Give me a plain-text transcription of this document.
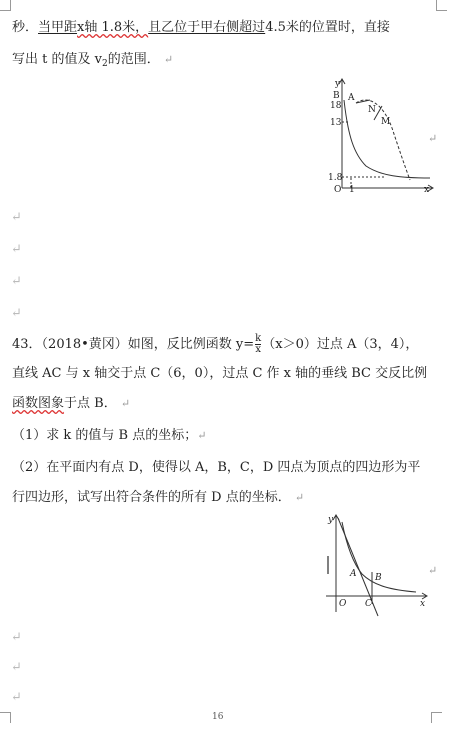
秒．当甲距x轴 1.8米，且乙位于甲右侧超过4.5米的位置时，直接
写出 t 的值及 $v_2$的范围． ↵
y
B A
N
M
18
13
1.8
O 1	x
↵
↵
↵
↵
↵
43．（2018•黄冈）如图，反比例函数 $y= \frac{k}{x} (x>0)$过点 A（3，4），
直线 AC 与 x 轴交于点 C（6，0），过点 C 作 x 轴的垂线 BC 交反比例
函数图象于点 B． ↵
（1）求 k 的值与 B 点的坐标；↵
（2）在平面内有点 D，使得以 A，B，C，D 四点为顶点的四边形为平
行四边形，试写出符合条件的所有 D 点的坐标． ↵
y
A B
C
O	x
↵
↵
↵
↵
16
